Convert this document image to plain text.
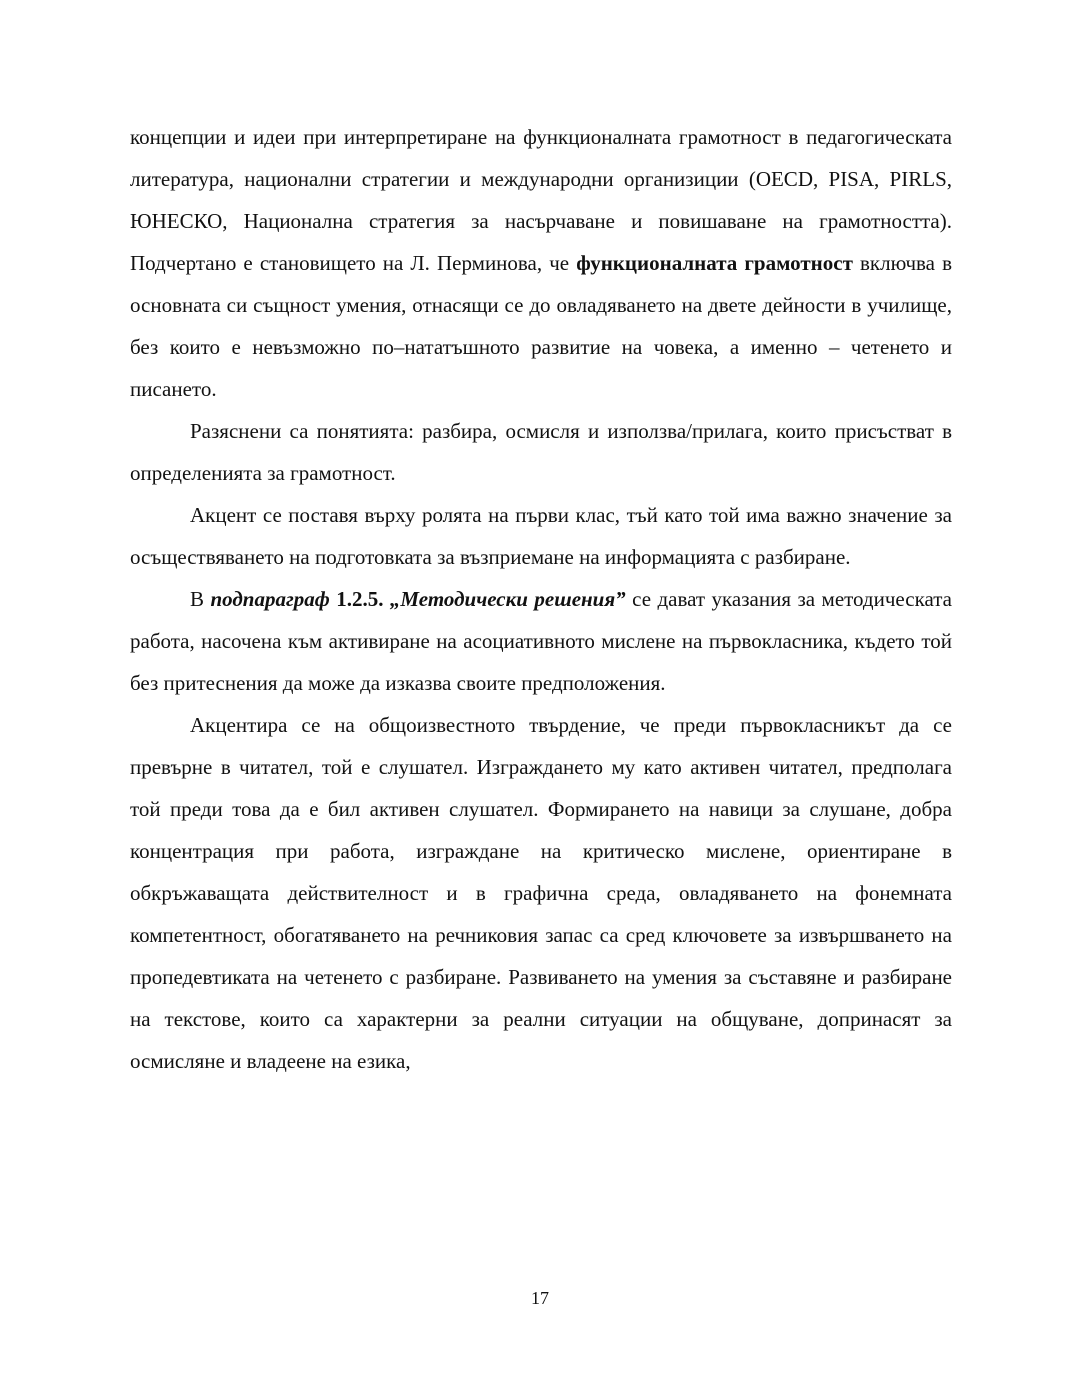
концепции и идеи при интерпретиране на функционалната грамотност в педагогическата литература, национални стратегии и международни организиции (OECD, PISA, PIRLS, ЮНЕСКО, Национална стратегия за насърчаване и повишаване на грамотността). Подчертано е становището на Л. Перминова, че функционалната грамотност включва в основната си същност умения, отнасящи се до овладяването на двете дейности в училище, без които е невъзможно по–нататъшното развитие на човека, а именно – четенето и писането.

Разяснени са понятията: разбира, осмисля и използва/прилага, които присъстват в определенията за грамотност.

Акцент се поставя върху ролята на първи клас, тъй като той има важно значение за осъществяването на подготовката за възприемане на информацията с разбиране.

В подпараграф 1.2.5. „Методически решения” се дават указания за методическата работа, насочена към активиране на асоциативното мислене на първокласника, където той без притеснения да може да изказва своите предположения.

Акцентира се на общоизвестното твърдение, че преди първокласникът да се превърне в читател, той е слушател. Изграждането му като активен читател, предполага той преди това да е бил активен слушател. Формирането на навици за слушане, добра концентрация при работа, изграждане на критическо мислене, ориентиране в обкръжаващата действителност и в графична среда, овладяването на фонемната компетентност, обогатяването на речниковия запас са сред ключовете за извършването на пропедевтиката на четенето с разбиране. Развиването на умения за съставяне и разбиране на текстове, които са характерни за реални ситуации на общуване, допринасят за осмисляне и владеене на езика,

17
